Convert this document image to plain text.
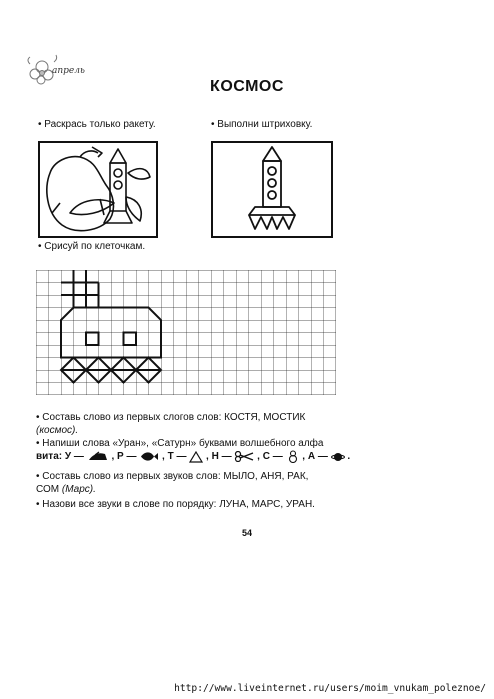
апрель
КОСМОС
• Раскрась только ракету.	• Выполни штриховку.
• Срисуй по клеточкам.
• Составь слово из первых слогов слов: КОСТЯ, МОСТИК
(космос).
• Напиши слова «Уран», «Сатурн» буквами волшебного алфа
вита: У —	, Р —	, Т — , Н —	, С — , А — .
• Составь слово из первых звуков слов: МЫЛО, АНЯ, РАК,
СОМ (Марс).
• Назови все звуки в слове по порядку: ЛУНА, МАРС, УРАН.
54
http://www.liveinternet.ru/users/moim_vnukam_poleznoe/
